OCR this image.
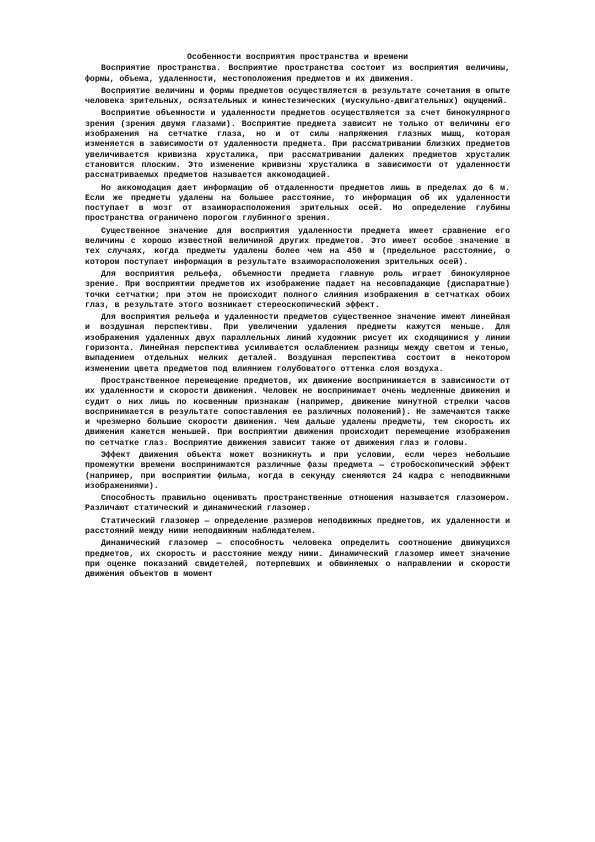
Особенности восприятия пространства и времени

Восприятие пространства. Восприятие пространства состоит из восприятия величины, формы, объема, удаленности, местоположения предметов и их движения.

Восприятие величины и формы предметов осуществляется в результате сочетания в опыте человека зрительных, осязательных и кинестезических (мускульно-двигательных) ощущений.

Восприятие объемности и удаленности предметов осуществляется за счет бинокулярного зрения (зрения двумя глазами). Восприятие предмета зависит не только от величины его изображения на сетчатке глаза, но и от силы напряжения глазных мышц, которая изменяется в зависимости от удаленности предмета. При рассматривании близких предметов увеличивается кривизна хрусталика, при рассматривании далеких предметов хрусталик становится плоским. Это изменение кривизны хрусталика в зависимости от удаленности рассматриваемых предметов называется аккомодацией.

Но аккомодация дает информацию об отдаленности предметов лишь в пределах до 6 м. Если же предметы удалены на большее расстояние, то информация об их удаленности поступает в мозг от взаиморасположения зрительных осей. Но определение глубины пространства ограничено порогом глубинного зрения.

Существенное значение для восприятия удаленности предмета имеет сравнение его величины с хорошо известной величиной других предметов. Это имеет особое значение в тех случаях, когда предметы удалены более чем на 450 м (предельное расстояние, о котором поступает информация в результате взаиморасположения зрительных осей).

Для восприятия рельефа, объемности предмета главную роль играет бинокулярное зрение. При восприятии предметов их изображение падает на несовпадающие (диспаратные) точки сетчатки; при этом не происходит полного слияния изображения в сетчатках обоих глаз, в результате этого возникает стереоскопический эффект.

Для восприятия рельефа и удаленности предметов существенное значение имеют линейная и воздушная перспективы. При увеличении удаления предметы кажутся меньше. Для изображения удаленных двух параллельных линий художник рисует их сходящимися у линии горизонта. Линейная перспектива усиливается ослаблением разницы между светом и тенью, выпадением отдельных мелких деталей. Воздушная перспектива состоит в некотором изменении цвета предметов под влиянием голубоватого оттенка слоя воздуха.

Пространственное перемещение предметов, их движение воспринимается в зависимости от их удаленности и скорости движения. Человек не воспринимает очень медленные движения и судит о них лишь по косвенным признакам (например, движение минутной стрелки часов воспринимается в результате сопоставления ее различных положений). Не замечаются также и чрезмерно большие скорости движения. Чем дальше удалены предметы, тем скорость их движения кажется меньшей. При восприятии движения происходит перемещение изображения по сетчатке глаз. Восприятие движения зависит также от движения глаз и головы.

Эффект движения объекта может возникнуть и при условии, если через небольшие промежутки времени воспринимаются различные фазы предмета — стробоскопический эффект (например, при восприятии фильма, когда в секунду сменяются 24 кадра с неподвижными изображениями).

Способность правильно оценивать пространственные отношения называется глазомером. Различают статический и динамический глазомер.

Статический глазомер — определение размеров неподвижных предметов, их удаленности и расстояний между ними неподвижным наблюдателем.

Динамический глазомер — способность человека определить соотношение движущихся предметов, их скорость и расстояние между ними. Динамический глазомер имеет значение при оценке показаний свидетелей, потерпевших и обвиняемых о направлении и скорости движения объектов в момент
